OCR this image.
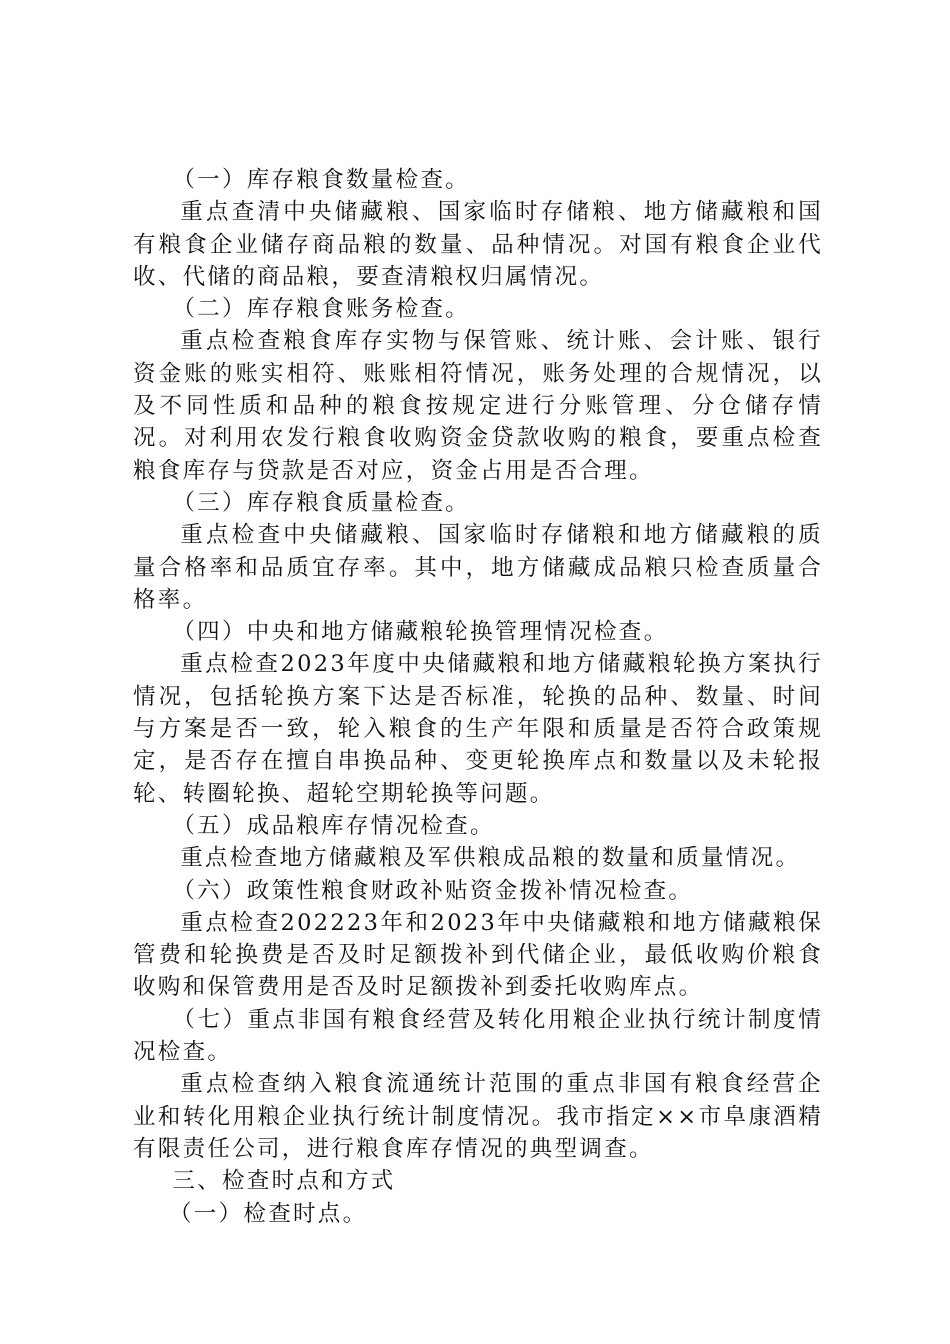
（一）库存粮食数量检查。

重点查清中央储藏粮、国家临时存储粮、地方储藏粮和国有粮食企业储存商品粮的数量、品种情况。对国有粮食企业代收、代储的商品粮，要查清粮权归属情况。

（二）库存粮食账务检查。

重点检查粮食库存实物与保管账、统计账、会计账、银行资金账的账实相符、账账相符情况，账务处理的合规情况，以及不同性质和品种的粮食按规定进行分账管理、分仓储存情况。对利用农发行粮食收购资金贷款收购的粮食，要重点检查粮食库存与贷款是否对应，资金占用是否合理。

（三）库存粮食质量检查。

重点检查中央储藏粮、国家临时存储粮和地方储藏粮的质量合格率和品质宜存率。其中，地方储藏成品粮只检查质量合格率。

（四）中央和地方储藏粮轮换管理情况检查。

重点检查2023年度中央储藏粮和地方储藏粮轮换方案执行情况，包括轮换方案下达是否标准，轮换的品种、数量、时间与方案是否一致，轮入粮食的生产年限和质量是否符合政策规定，是否存在擅自串换品种、变更轮换库点和数量以及未轮报轮、转圈轮换、超轮空期轮换等问题。

（五）成品粮库存情况检查。

重点检查地方储藏粮及军供粮成品粮的数量和质量情况。

（六）政策性粮食财政补贴资金拨补情况检查。

重点检查202223年和2023年中央储藏粮和地方储藏粮保管费和轮换费是否及时足额拨补到代储企业，最低收购价粮食收购和保管费用是否及时足额拨补到委托收购库点。

（七）重点非国有粮食经营及转化用粮企业执行统计制度情况检查。

重点检查纳入粮食流通统计范围的重点非国有粮食经营企业和转化用粮企业执行统计制度情况。我市指定××市阜康酒精有限责任公司，进行粮食库存情况的典型调查。

三、检查时点和方式

（一）检查时点。
